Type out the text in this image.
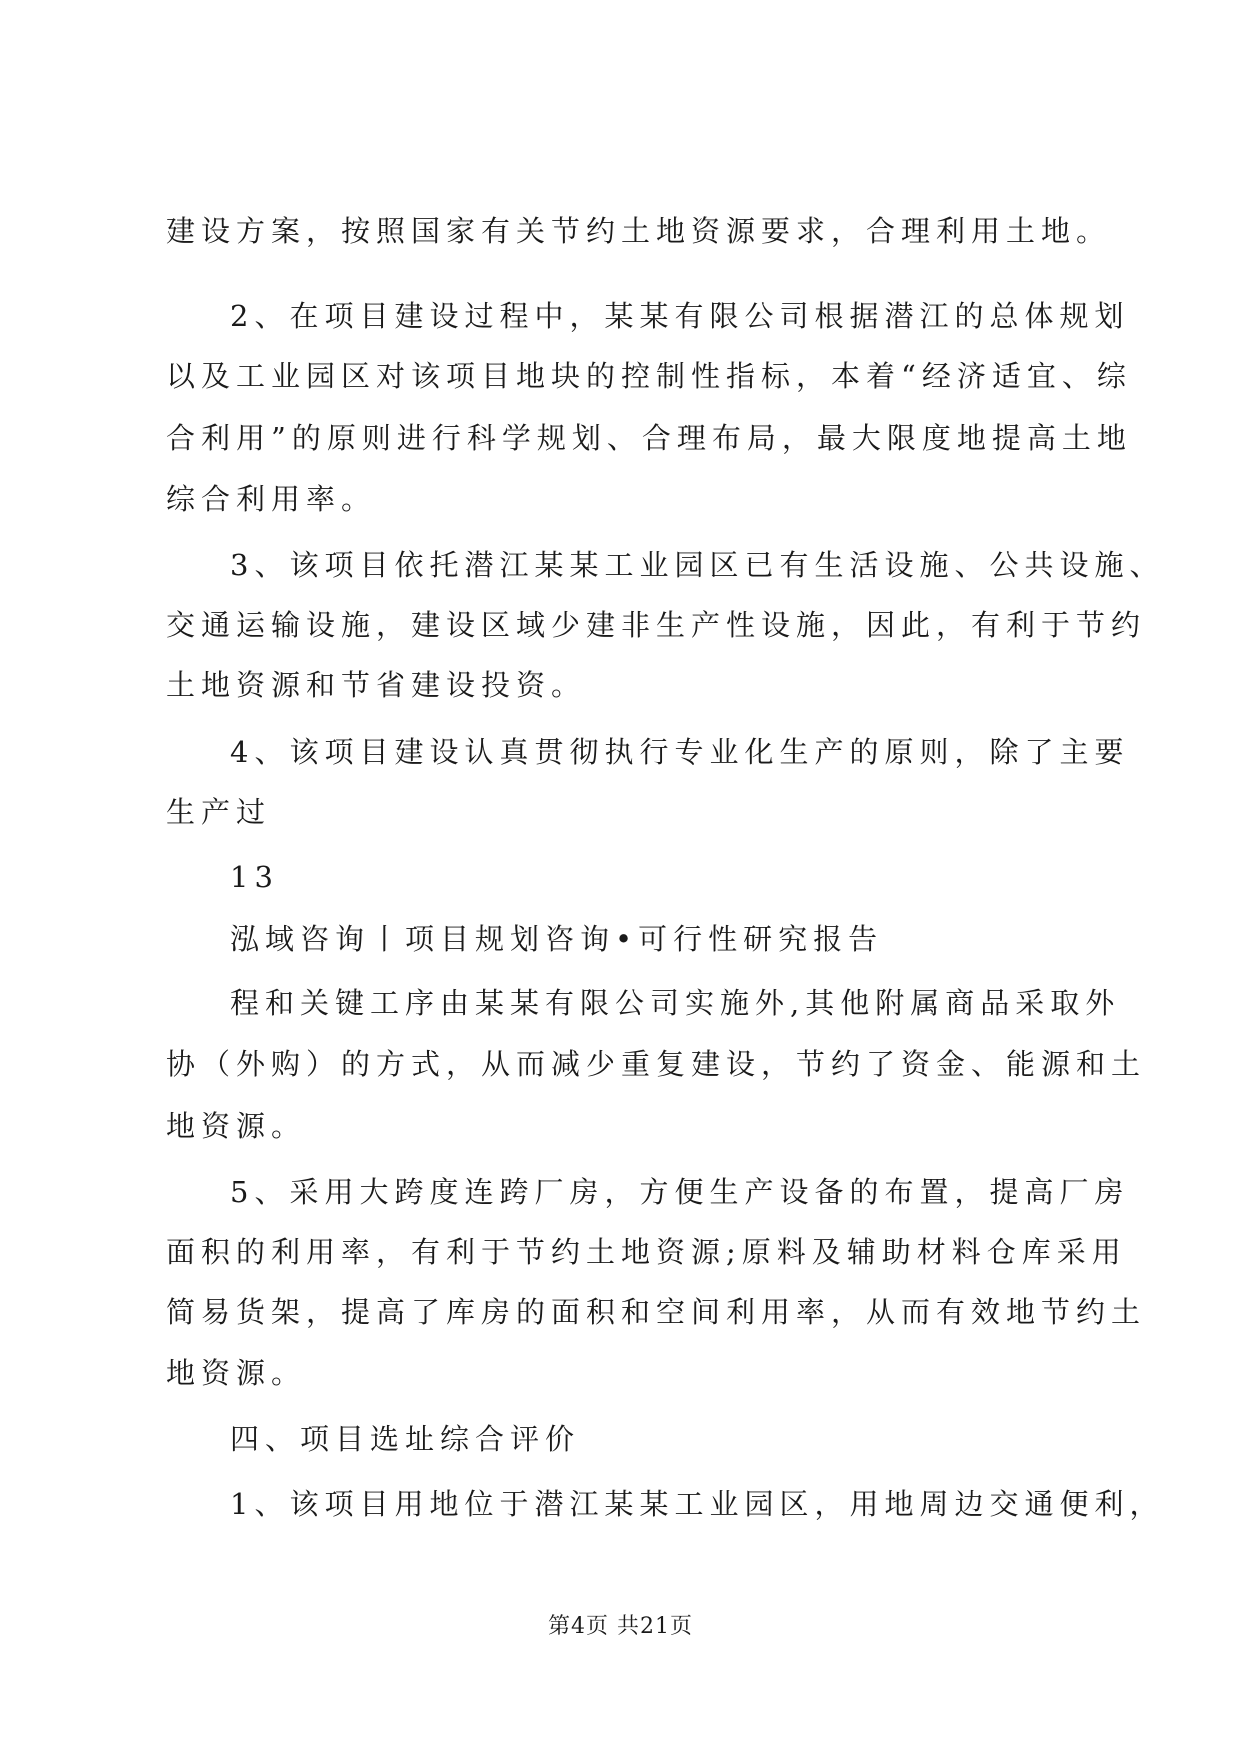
建设方案，按照国家有关节约土地资源要求，合理利用土地。
2、在项目建设过程中，某某有限公司根据潜江的总体规划
以及工业园区对该项目地块的控制性指标，本着“经济适宜、综
合利用”的原则进行科学规划、合理布局，最大限度地提高土地
综合利用率。
3、该项目依托潜江某某工业园区已有生活设施、公共设施、
交通运输设施，建设区域少建非生产性设施，因此，有利于节约
土地资源和节省建设投资。
4、该项目建设认真贯彻执行专业化生产的原则，除了主要
生产过
13
泓域咨询丨项目规划咨询•可行性研究报告
程和关键工序由某某有限公司实施外,其他附属商品采取外
协（外购）的方式，从而减少重复建设，节约了资金、能源和土
地资源。
5、采用大跨度连跨厂房，方便生产设备的布置，提高厂房
面积的利用率，有利于节约土地资源;原料及辅助材料仓库采用
简易货架，提高了库房的面积和空间利用率，从而有效地节约土
地资源。
四、项目选址综合评价
1、该项目用地位于潜江某某工业园区，用地周边交通便利，
第4页 共21页
